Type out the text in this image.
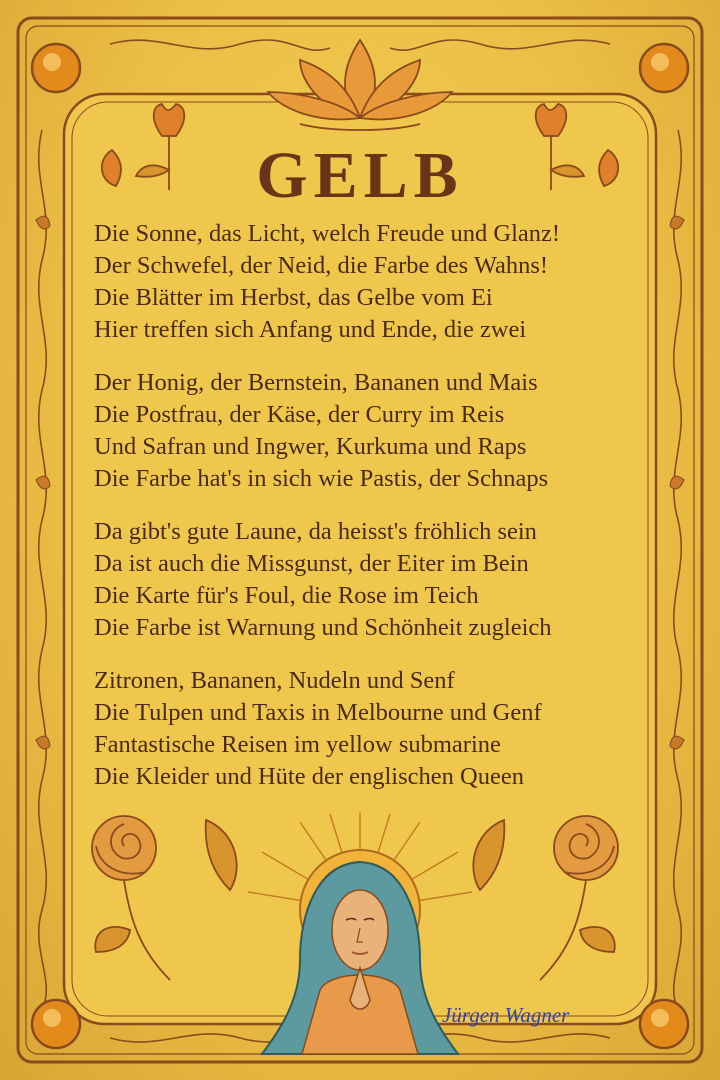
GELB
Die Sonne, das Licht, welch Freude und Glanz!
Der Schwefel, der Neid, die Farbe des Wahns!
Die Blätter im Herbst, das Gelbe vom Ei
Hier treffen sich Anfang und Ende, die zwei
Der Honig, der Bernstein, Bananen und Mais
Die Postfrau, der Käse, der Curry im Reis
Und Safran und Ingwer, Kurkuma und Raps
Die Farbe hat's in sich wie Pastis, der Schnaps
Da gibt's gute Laune, da heisst's fröhlich sein
Da ist auch die Missgunst, der Eiter im Bein
Die Karte für's Foul, die Rose im Teich
Die Farbe ist Warnung und Schönheit zugleich
Zitronen, Bananen, Nudeln und Senf
Die Tulpen und Taxis in Melbourne und Genf
Fantastische Reisen im yellow submarine
Die Kleider und Hüte der englischen Queen
Jürgen Wagner
